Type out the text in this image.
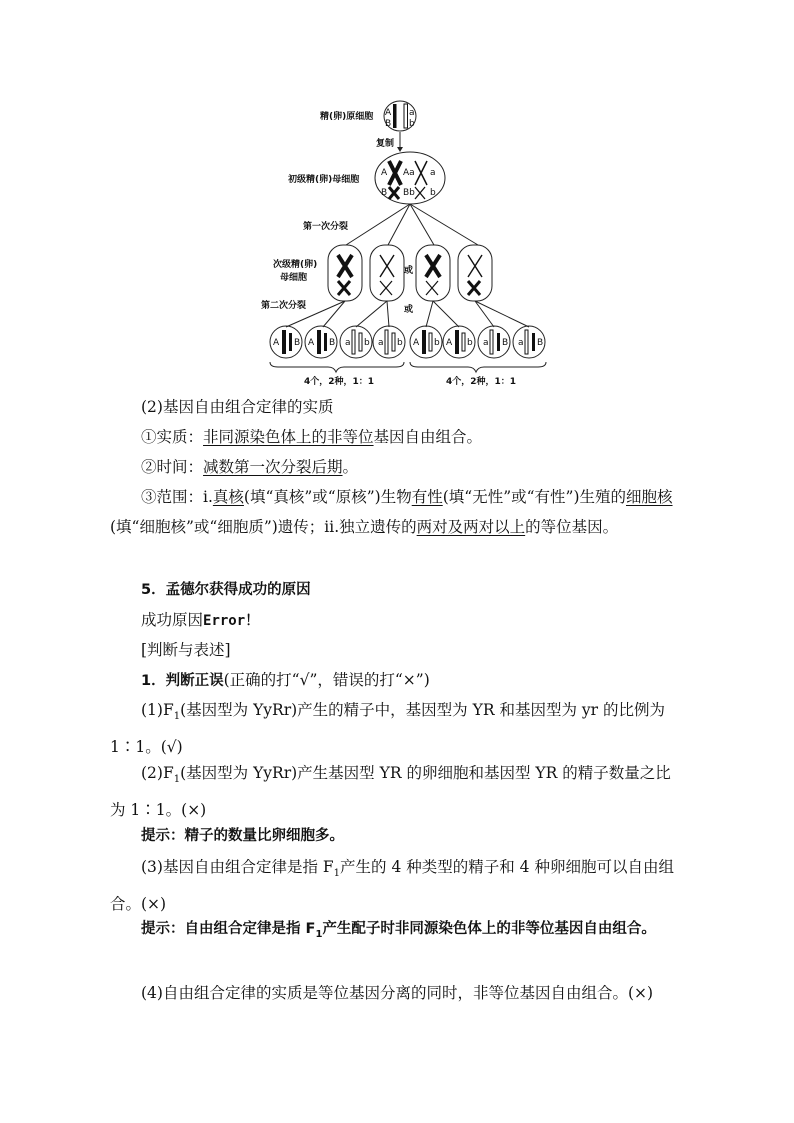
精(卵)原细胞 A
B
a
b
复制
初级精(卵)母细胞
A
B
Aa
Bb
a
b
第一次分裂
次级精(卵)
母细胞
或
第二次分裂	或
A B A B a b a b A b A b a B a B
4个，2种，1：1	4个，2种，1：1

(2)基因自由组合定律的实质

①实质：非同源染色体上的非等位基因自由组合。

②时间：减数第一次分裂后期。

③范围：ⅰ.真核(填“真核”或“原核”)生物有性(填“无性”或“有性”)生殖的细胞核(填“细胞核”或“细胞质”)遗传；ⅱ.独立遗传的两对及两对以上的等位基因。

5．孟德尔获得成功的原因

成功原因Error！

[判断与表述]

1．判断正误(正确的打“√”，错误的打“×”)

$(1)F_1$(基因型为 YyRr)产生的精子中，基因型为 YR 和基因型为 yr 的比例为 1∶1。(√)

$(2)F_1$(基因型为 YyRr)产生基因型 YR 的卵细胞和基因型 YR 的精子数量之比为 1∶1。(×)

提示：精子的数量比卵细胞多。

(3)基因自由组合定律是指 $F_1$产生的 4 种类型的精子和 4 种卵细胞可以自由组合。(×)

提示：自由组合定律是指 $F_1$产生配子时非同源染色体上的非等位基因自由组合。

(4)自由组合定律的实质是等位基因分离的同时，非等位基因自由组合。(×)
